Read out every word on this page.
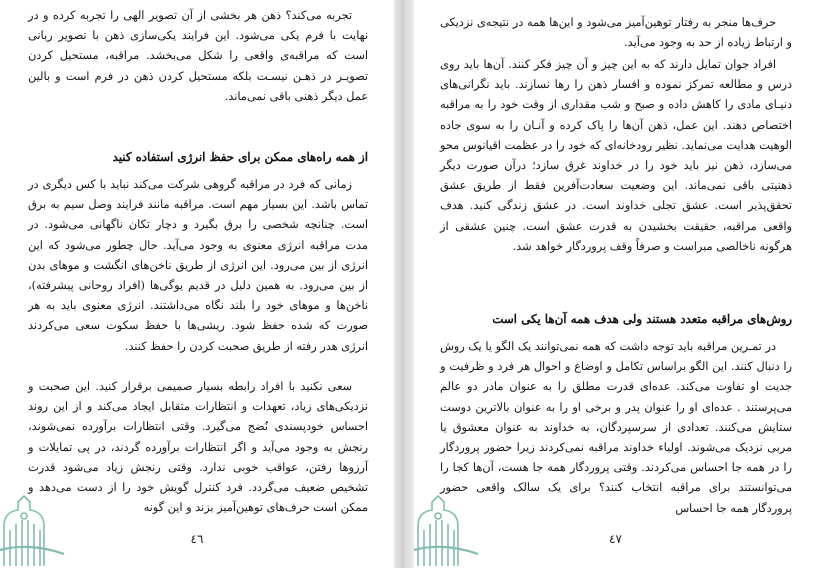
تجربه می‌کند؟ ذهن هر بخشی از آن تصویر الهی را تجربه کرده و در نهایت با فرم یکی می‌شود. این فرایند یکی‌سازی ذهن با تصویر ربانی است که مراقبه‌ی واقعی را شکل می‌بخشد. مراقبه، مستحیل کردن تصویـر در ذهـن نیسـت بلکه مستحیل کردن ذهن در فرم است و بالین عمل دیگر ذهنی باقی نمی‌ماند.

از همه راه‌های ممکن برای حفظ انرژی استفاده کنید

زمانی که فرد در مراقبه گروهی شرکت می‌کند نباید با کس دیگری در تماس باشد. این بسیار مهم است. مراقبه مانند فرایند وصل سیم به برق است. چنانچه شخصی را برق بگیرد و دچار تکان ناگهانی می‌شود. در مدت مراقبه انرژی معنوی به وجود می‌آید. حال چطور می‌شود که این انرژی از بین می‌رود. این انرژی از طریق ناخن‌های انگشت و موهای بدن از بین می‌رود. به همین دلیل در قدیم یوگی‌ها (افراد روحانی پیشرفته)، ناخن‌ها و موهای خود را بلند نگاه می‌داشتند. انرژی معنوی باید به هر صورت که شده حفظ شود. ریشی‌ها با حفظ سکوت سعی می‌کردند انرژی هدر رفته از طریق صحبت کردن را حفظ کنند.

سعی نکنید با افراد رابطه بسیار صمیمی برقرار کنید. این صحبت و نزدیکی‌های زیاد، تعهدات و انتظارات متقابل ایجاد می‌کند و از این روند احساس خودپسندی نُضج می‌گیرد. وقتی انتظارات برآورده نمی‌شوند، رنجش به وجود می‌آید و اگر انتظارات برآورده گردند، در پی تمایلات و آرزوها رفتن، عواقب خوبی ندارد. وقتی رنجش زیاد می‌شود قدرت تشخیص ضعیف می‌گردد. فرد کنترل گویش خود را از دست می‌دهد و ممکن است حرف‌های توهین‌آمیز بزند و این گونه

٤٦

حرف‌ها منجر به رفتار توهین‌آمیز می‌شود و این‌ها همه در نتیجه‌ی نزدیکی و ارتباط زیاده از حد به وجود می‌آید.

افراد جوان تمایل دارند که به این چیز و آن چیز فکر کنند. آن‌ها باید روی درس و مطالعه تمرکز نموده و افسار ذهن را رها نسازند. باید نگرانی‌های دنیـای مادی را کاهش داده و صبح و شب مقداری از وقت خود را به مراقبه اختصاص دهند. این عمل، ذهن آن‌ها را پاک کرده و آنـان را به سوی جاده الوهیت هدایت می‌نماید. نظیر رودخانه‌ای که خود را در عظمت اقیانوس محو می‌سازد، ذهن نیز باید خود را در خداوند غرق سازد؛ درآن صورت دیگر ذهنیتی باقی نمی‌ماند. این وضعیت سعادت‌آفرین فقط از طریق عشق تحقق‌پذیر است. عشق تجلی خداوند است. در عشق زندگی کنید. هدف واقعی مراقبه، حقیقت بخشیدن به قدرت عشق است. چنین عشقی از هرگونه ناخالصی مبراست و صرفاً وقف پروردگار خواهد شد.

روش‌های مراقبه متعدد هستند ولی هدف همه آن‌ها یکی است

در تمـرین مراقبه باید توجه داشت که همه نمی‌توانند یک الگو یا یک روش را دنبال کنند. این الگو براساس تکامل و اوضاع و احوال هر فرد و ظرفیت و جدیت او تفاوت می‌کند. عده‌ای قدرت مطلق را به عنوان مادر دو عالم می‌پرستند . عده‌ای او را عنوان پدر و برخی او را به عنوان بالاترین دوست ستایش می‌کنند. تعدادی از سرسپردگان، به خداوند به عنوان معشوق یا مربی نزدیک می‌شوند. اولیاء خداوند مراقبه نمی‌کردند زیرا حضور پروردگار را در همه جا احساس می‌کردند. وقتی پروردگار همه جا هست، آن‌ها کجا را می‌توانستند برای مراقبه انتخاب کنند؟ برای یک سالک واقعی حضور پروردگار همه جا احساس

٤٧
